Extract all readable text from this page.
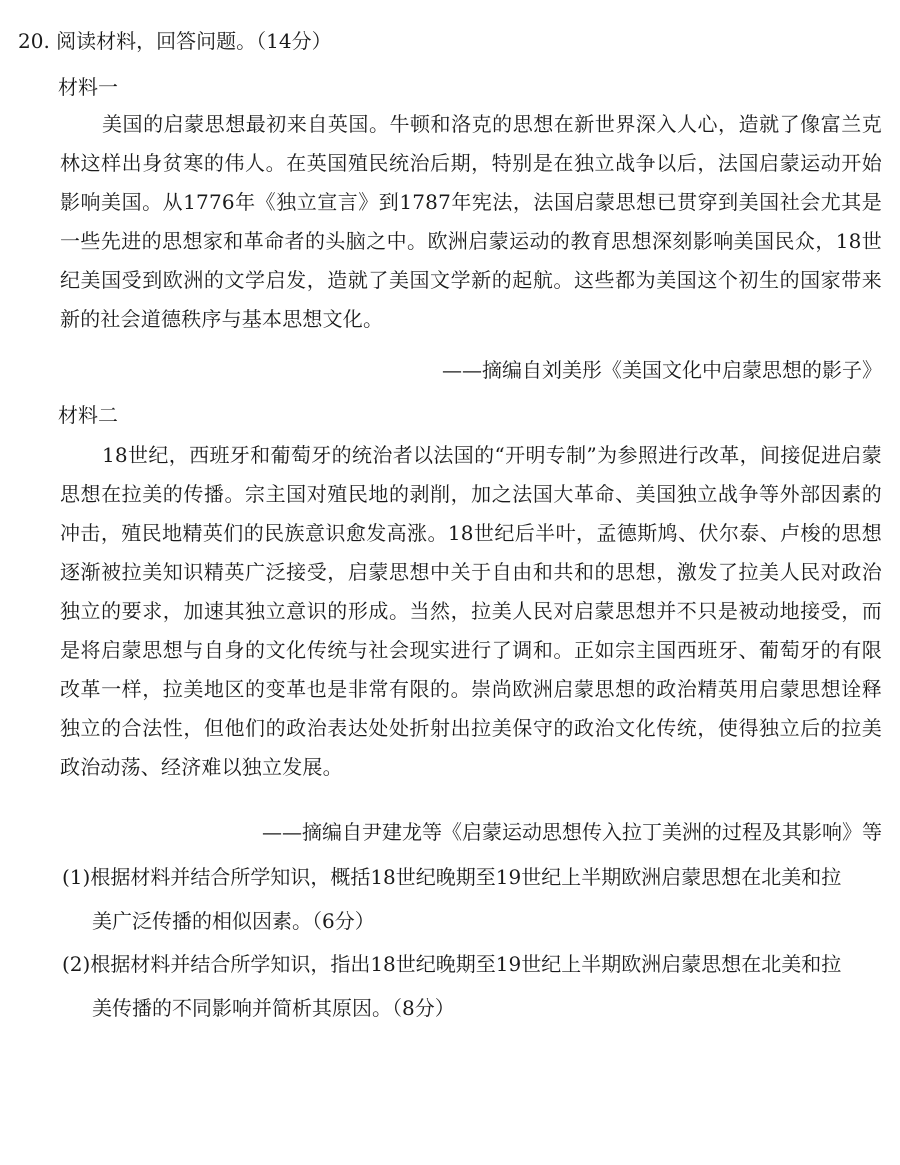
20. 阅读材料，回答问题。（14分）
材料一
美国的启蒙思想最初来自英国。牛顿和洛克的思想在新世界深入人心，造就了像富兰克林这样出身贫寒的伟人。在英国殖民统治后期，特别是在独立战争以后，法国启蒙运动开始影响美国。从1776年《独立宣言》到1787年宪法，法国启蒙思想已贯穿到美国社会尤其是一些先进的思想家和革命者的头脑之中。欧洲启蒙运动的教育思想深刻影响美国民众，18世纪美国受到欧洲的文学启发，造就了美国文学新的起航。这些都为美国这个初生的国家带来新的社会道德秩序与基本思想文化。
——摘编自刘美彤《美国文化中启蒙思想的影子》
材料二
18世纪，西班牙和葡萄牙的统治者以法国的“开明专制”为参照进行改革，间接促进启蒙思想在拉美的传播。宗主国对殖民地的剥削，加之法国大革命、美国独立战争等外部因素的冲击，殖民地精英们的民族意识愈发高涨。18世纪后半叶，孟德斯鸠、伏尔泰、卢梭的思想逐渐被拉美知识精英广泛接受，启蒙思想中关于自由和共和的思想，激发了拉美人民对政治独立的要求，加速其独立意识的形成。当然，拉美人民对启蒙思想并不只是被动地接受，而是将启蒙思想与自身的文化传统与社会现实进行了调和。正如宗主国西班牙、葡萄牙的有限改革一样，拉美地区的变革也是非常有限的。崇尚欧洲启蒙思想的政治精英用启蒙思想诠释独立的合法性，但他们的政治表达处处折射出拉美保守的政治文化传统，使得独立后的拉美政治动荡、经济难以独立发展。
——摘编自尹建龙等《启蒙运动思想传入拉丁美洲的过程及其影响》等
(1)根据材料并结合所学知识，概括18世纪晚期至19世纪上半期欧洲启蒙思想在北美和拉
美广泛传播的相似因素。（6分）
(2)根据材料并结合所学知识，指出18世纪晚期至19世纪上半期欧洲启蒙思想在北美和拉
美传播的不同影响并简析其原因。（8分）
